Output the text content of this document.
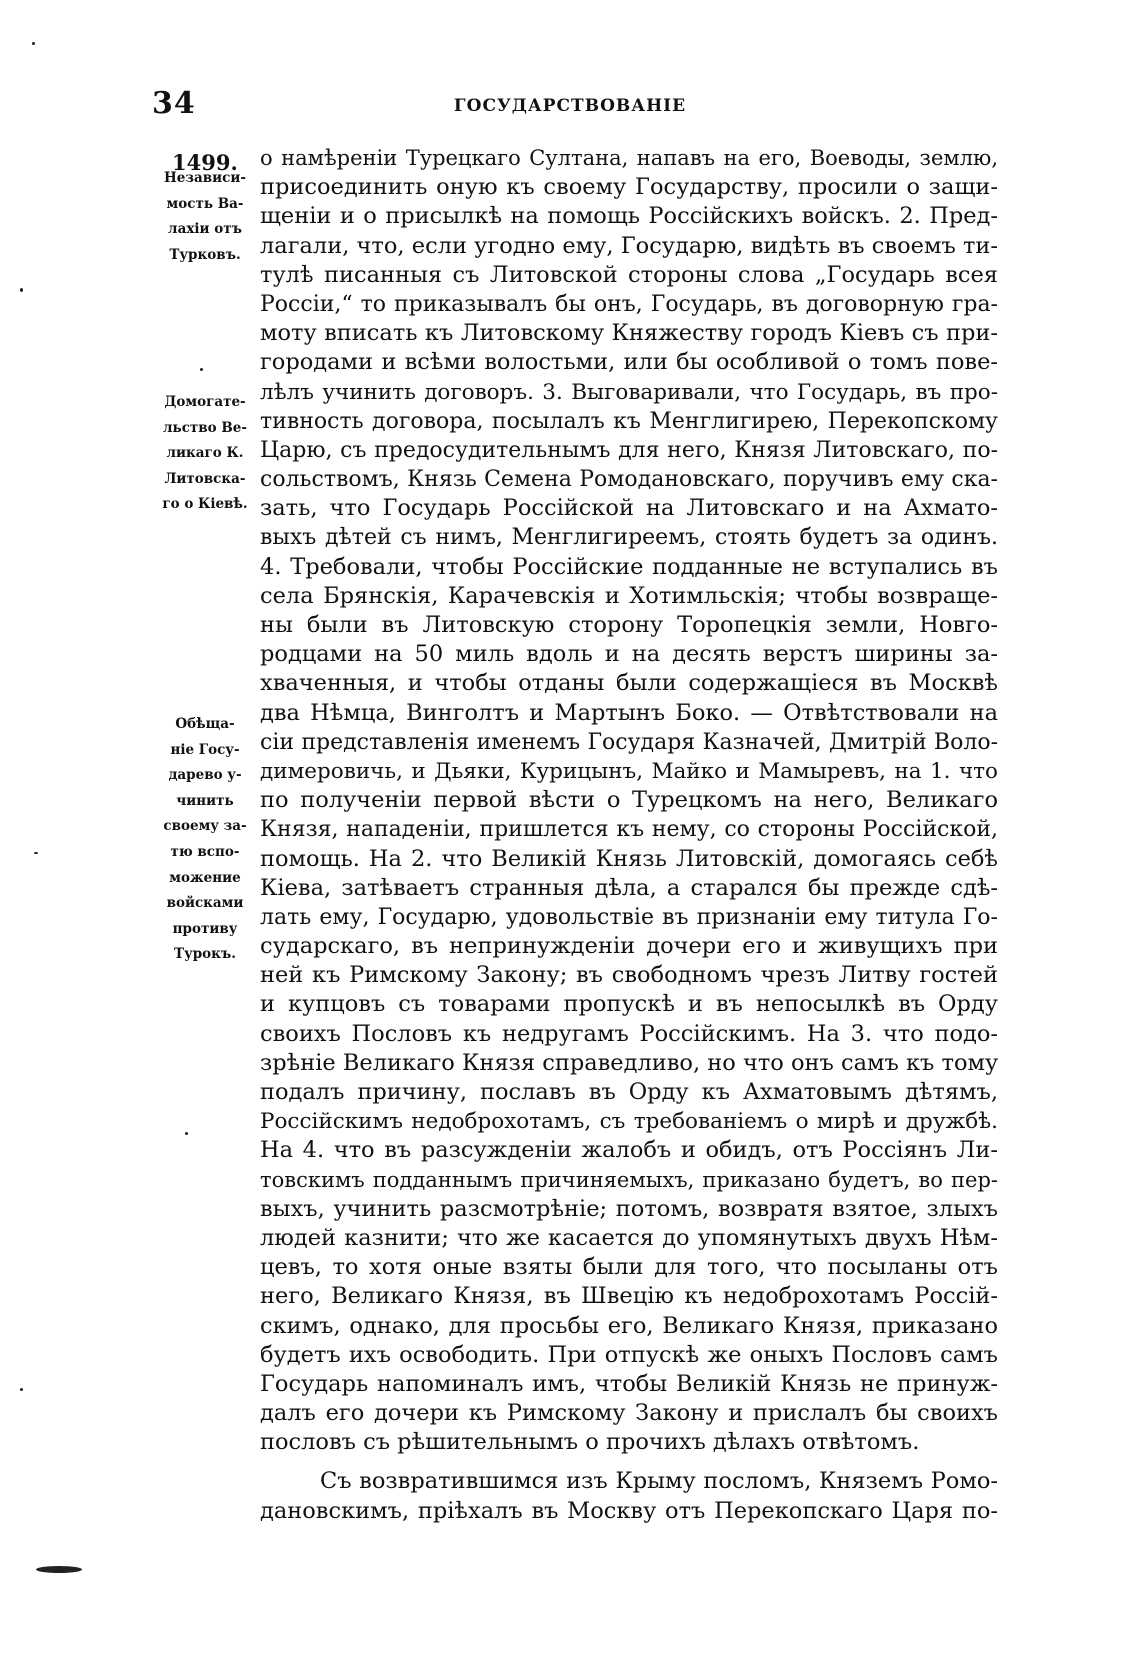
34	ГОСУДАРСТВОВАНІЕ
1499.
Независи-
мость Ва-
лахіи отъ
Турковъ.
Домогате-
льство Ве-
ликаго К.
Литовска-
го о Кіевѣ.
Обѣща-
ніе Госу-
дарево у-
чинить
своему за-
тю вспо-
можение
войсками
противу
Турокъ.
о намѣреніи Турецкаго Султана, напавъ на его, Воеводы, землю,
присоединить оную къ своему Государству, просили о защи-
щеніи и о присылкѣ на помощь Россійскихъ войскъ. 2. Пред-
лагали, что, если угодно ему, Государю, видѣть въ своемъ ти-
тулѣ писанныя съ Литовской стороны слова „Государь всея
Россіи,“ то приказывалъ бы онъ, Государь, въ договорную гра-
моту вписать къ Литовскому Княжеству городъ Кіевъ съ при-
городами и всѣми волостьми, или бы особливой о томъ пове-
лѣлъ учинить договоръ. 3. Выговаривали, что Государь, въ про-
тивность договора, посылалъ къ Менглигирею, Перекопскому
Царю, съ предосудительнымъ для него, Князя Литовскаго, по-
сольствомъ, Князь Семена Ромодановскаго, поручивъ ему ска-
зать, что Государь Россійской на Литовскаго и на Ахмато-
выхъ дѣтей съ нимъ, Менглигиреемъ, стоять будетъ за одинъ.
4. Требовали, чтобы Россійские подданные не вступались въ
села Брянскія, Карачевскія и Хотимльскія; чтобы возвраще-
ны были въ Литовскую сторону Торопецкія земли, Новго-
родцами на 50 миль вдоль и на десять верстъ ширины за-
хваченныя, и чтобы отданы были содержащіеся въ Москвѣ
два Нѣмца, Винголтъ и Мартынъ Боко. — Отвѣтствовали на
сіи представленія именемъ Государя Казначей, Дмитрій Воло-
димеровичь, и Дьяки, Курицынъ, Майко и Мамыревъ, на 1. что
по полученіи первой вѣсти о Турецкомъ на него, Великаго
Князя, нападеніи, пришлется къ нему, со стороны Россійской,
помощь. На 2. что Великій Князь Литовскій, домогаясь себѣ
Кіева, затѣваетъ странныя дѣла, а старался бы прежде сдѣ-
лать ему, Государю, удовольствіе въ признаніи ему титула Го-
сударскаго, въ непринужденіи дочери его и живущихъ при
ней къ Римскому Закону; въ свободномъ чрезъ Литву гостей
и купцовъ съ товарами пропускѣ и въ непосылкѣ въ Орду
своихъ Пословъ къ недругамъ Россійскимъ. На 3. что подо-
зрѣніе Великаго Князя справедливо, но что онъ самъ къ тому
подалъ причину, пославъ въ Орду къ Ахматовымъ дѣтямъ,
Россійскимъ недоброхотамъ, съ требованіемъ о мирѣ и дружбѣ.
На 4. что въ разсужденіи жалобъ и обидъ, отъ Россіянъ Ли-
товскимъ подданнымъ причиняемыхъ, приказано будетъ, во пер-
выхъ, учинить разсмотрѣніе; потомъ, возвратя взятое, злыхъ
людей казнити; что же касается до упомянутыхъ двухъ Нѣм-
цевъ, то хотя оные взяты были для того, что посыланы отъ
него, Великаго Князя, въ Швецію къ недоброхотамъ Россій-
скимъ, однако, для просьбы его, Великаго Князя, приказано
будетъ ихъ освободить. При отпускѣ же оныхъ Пословъ самъ
Государь напоминалъ имъ, чтобы Великій Князь не принуж-
далъ его дочери къ Римскому Закону и прислалъ бы своихъ
пословъ съ рѣшительнымъ о прочихъ дѣлахъ отвѣтомъ.
Съ возвратившимся изъ Крыму посломъ, Княземъ Ромо-
дановскимъ, пріѣхалъ въ Москву отъ Перекопскаго Царя по-
